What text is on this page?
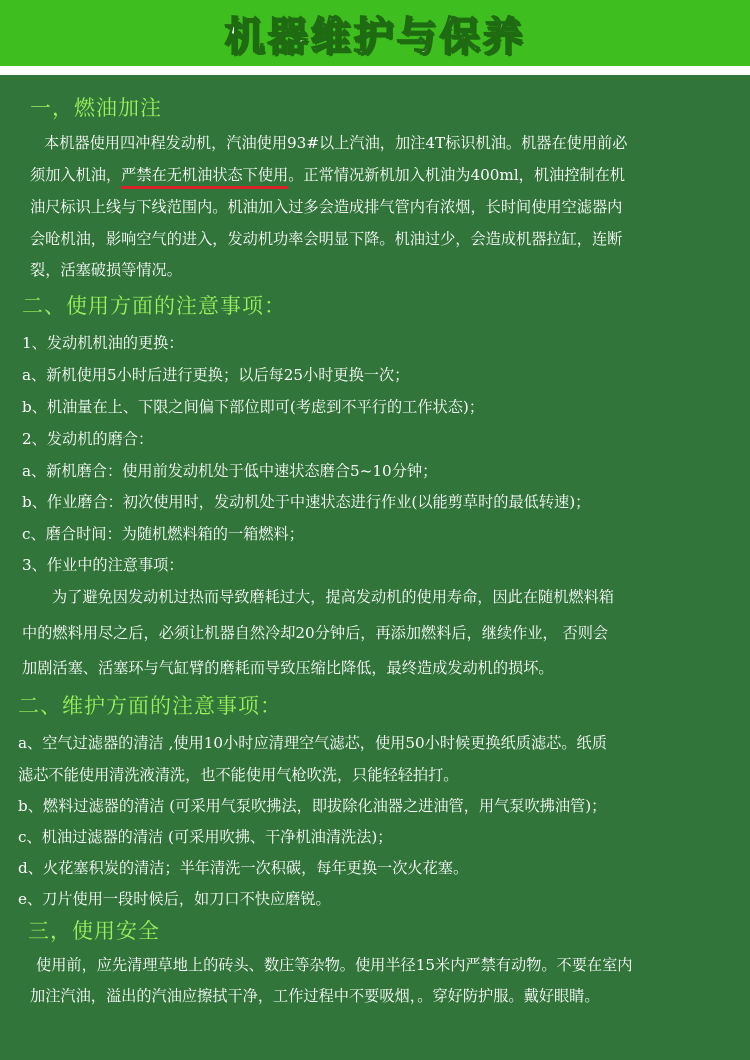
机器维护与保养
一，燃油加注
本机器使用四冲程发动机，汽油使用93#以上汽油，加注4T标识机油。机器在使用前必
须加入机油，严禁在无机油状态下使用。正常情况新机加入机油为400ml，机油控制在机
油尺标识上线与下线范围内。机油加入过多会造成排气管内有浓烟，长时间使用空滤器内
会呛机油，影响空气的进入，发动机功率会明显下降。机油过少，会造成机器拉缸，连断
裂，活塞破损等情况。
二、使用方面的注意事项：
1、发动机机油的更换：
a、新机使用5小时后进行更换；以后每25小时更换一次；
b、机油量在上、下限之间偏下部位即可(考虑到不平行的工作状态)；
2、发动机的磨合：
a、新机磨合：使用前发动机处于低中速状态磨合5~10分钟；
b、作业磨合：初次使用时，发动机处于中速状态进行作业(以能剪草时的最低转速)；
c、磨合时间：为随机燃料箱的一箱燃料；
3、作业中的注意事项：
为了避免因发动机过热而导致磨耗过大，提高发动机的使用寿命，因此在随机燃料箱
中的燃料用尽之后，必须让机器自然冷却20分钟后，再添加燃料后，继续作业， 否则会
加剧活塞、活塞环与气缸臂的磨耗而导致压缩比降低，最终造成发动机的损坏。
二、维护方面的注意事项：
a、空气过滤器的清洁 ,使用10小时应清理空气滤芯，使用50小时候更换纸质滤芯。纸质
滤芯不能使用清洗液清洗，也不能使用气枪吹洗，只能轻轻拍打。
b、燃料过滤器的清洁 (可采用气泵吹拂法，即拔除化油器之进油管，用气泵吹拂油管)；
c、机油过滤器的清洁 (可采用吹拂、干净机油清洗法)；
d、火花塞积炭的清洁；半年清洗一次积碳，每年更换一次火花塞。
e、刀片使用一段时候后，如刀口不快应磨锐。
三，使用安全
使用前，应先清理草地上的砖头、数庄等杂物。使用半径15米内严禁有动物。不要在室内
加注汽油，溢出的汽油应擦拭干净，工作过程中不要吸烟，。穿好防护服。戴好眼睛。
